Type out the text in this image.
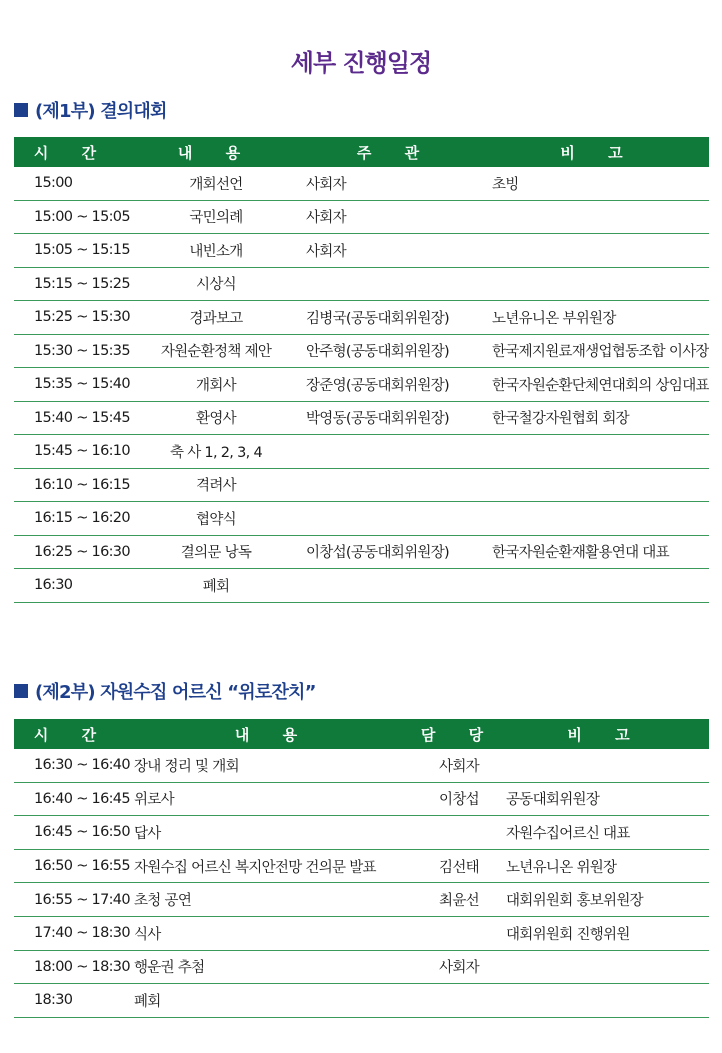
세부 진행일정
(제1부) 결의대회
시 간	내 용	주 관	비 고
15:00	개회선언	사회자	초빙
15:00 ~ 15:05	국민의례	사회자	
15:05 ~ 15:15	내빈소개	사회자	
15:15 ~ 15:25	시상식		
15:25 ~ 15:30	경과보고	김병국(공동대회위원장)	노년유니온 부위원장
15:30 ~ 15:35	자원순환정책 제안	안주형(공동대회위원장)	한국제지원료재생업협동조합 이사장
15:35 ~ 15:40	개회사	장준영(공동대회위원장)	한국자원순환단체연대회의 상임대표
15:40 ~ 15:45	환영사	박영동(공동대회위원장)	한국철강자원협회 회장
15:45 ~ 16:10	축 사 1, 2, 3, 4		
16:10 ~ 16:15	격려사		
16:15 ~ 16:20	협약식		
16:25 ~ 16:30	결의문 낭독	이창섭(공동대회위원장)	한국자원순환재활용연대 대표
16:30	폐회		
(제2부) 자원수집 어르신 “위로잔치”
시 간	내 용	담 당	비 고
16:30 ~ 16:40	장내 정리 및 개회	사회자	
16:40 ~ 16:45	위로사	이창섭	공동대회위원장
16:45 ~ 16:50	답사		자원수집어르신 대표
16:50 ~ 16:55	자원수집 어르신 복지안전망 건의문 발표	김선태	노년유니온 위원장
16:55 ~ 17:40	초청 공연	최윤선	대회위원회 홍보위원장
17:40 ~ 18:30	식사		대회위원회 진행위원
18:00 ~ 18:30	행운권 추첨	사회자	
18:30	폐회		
